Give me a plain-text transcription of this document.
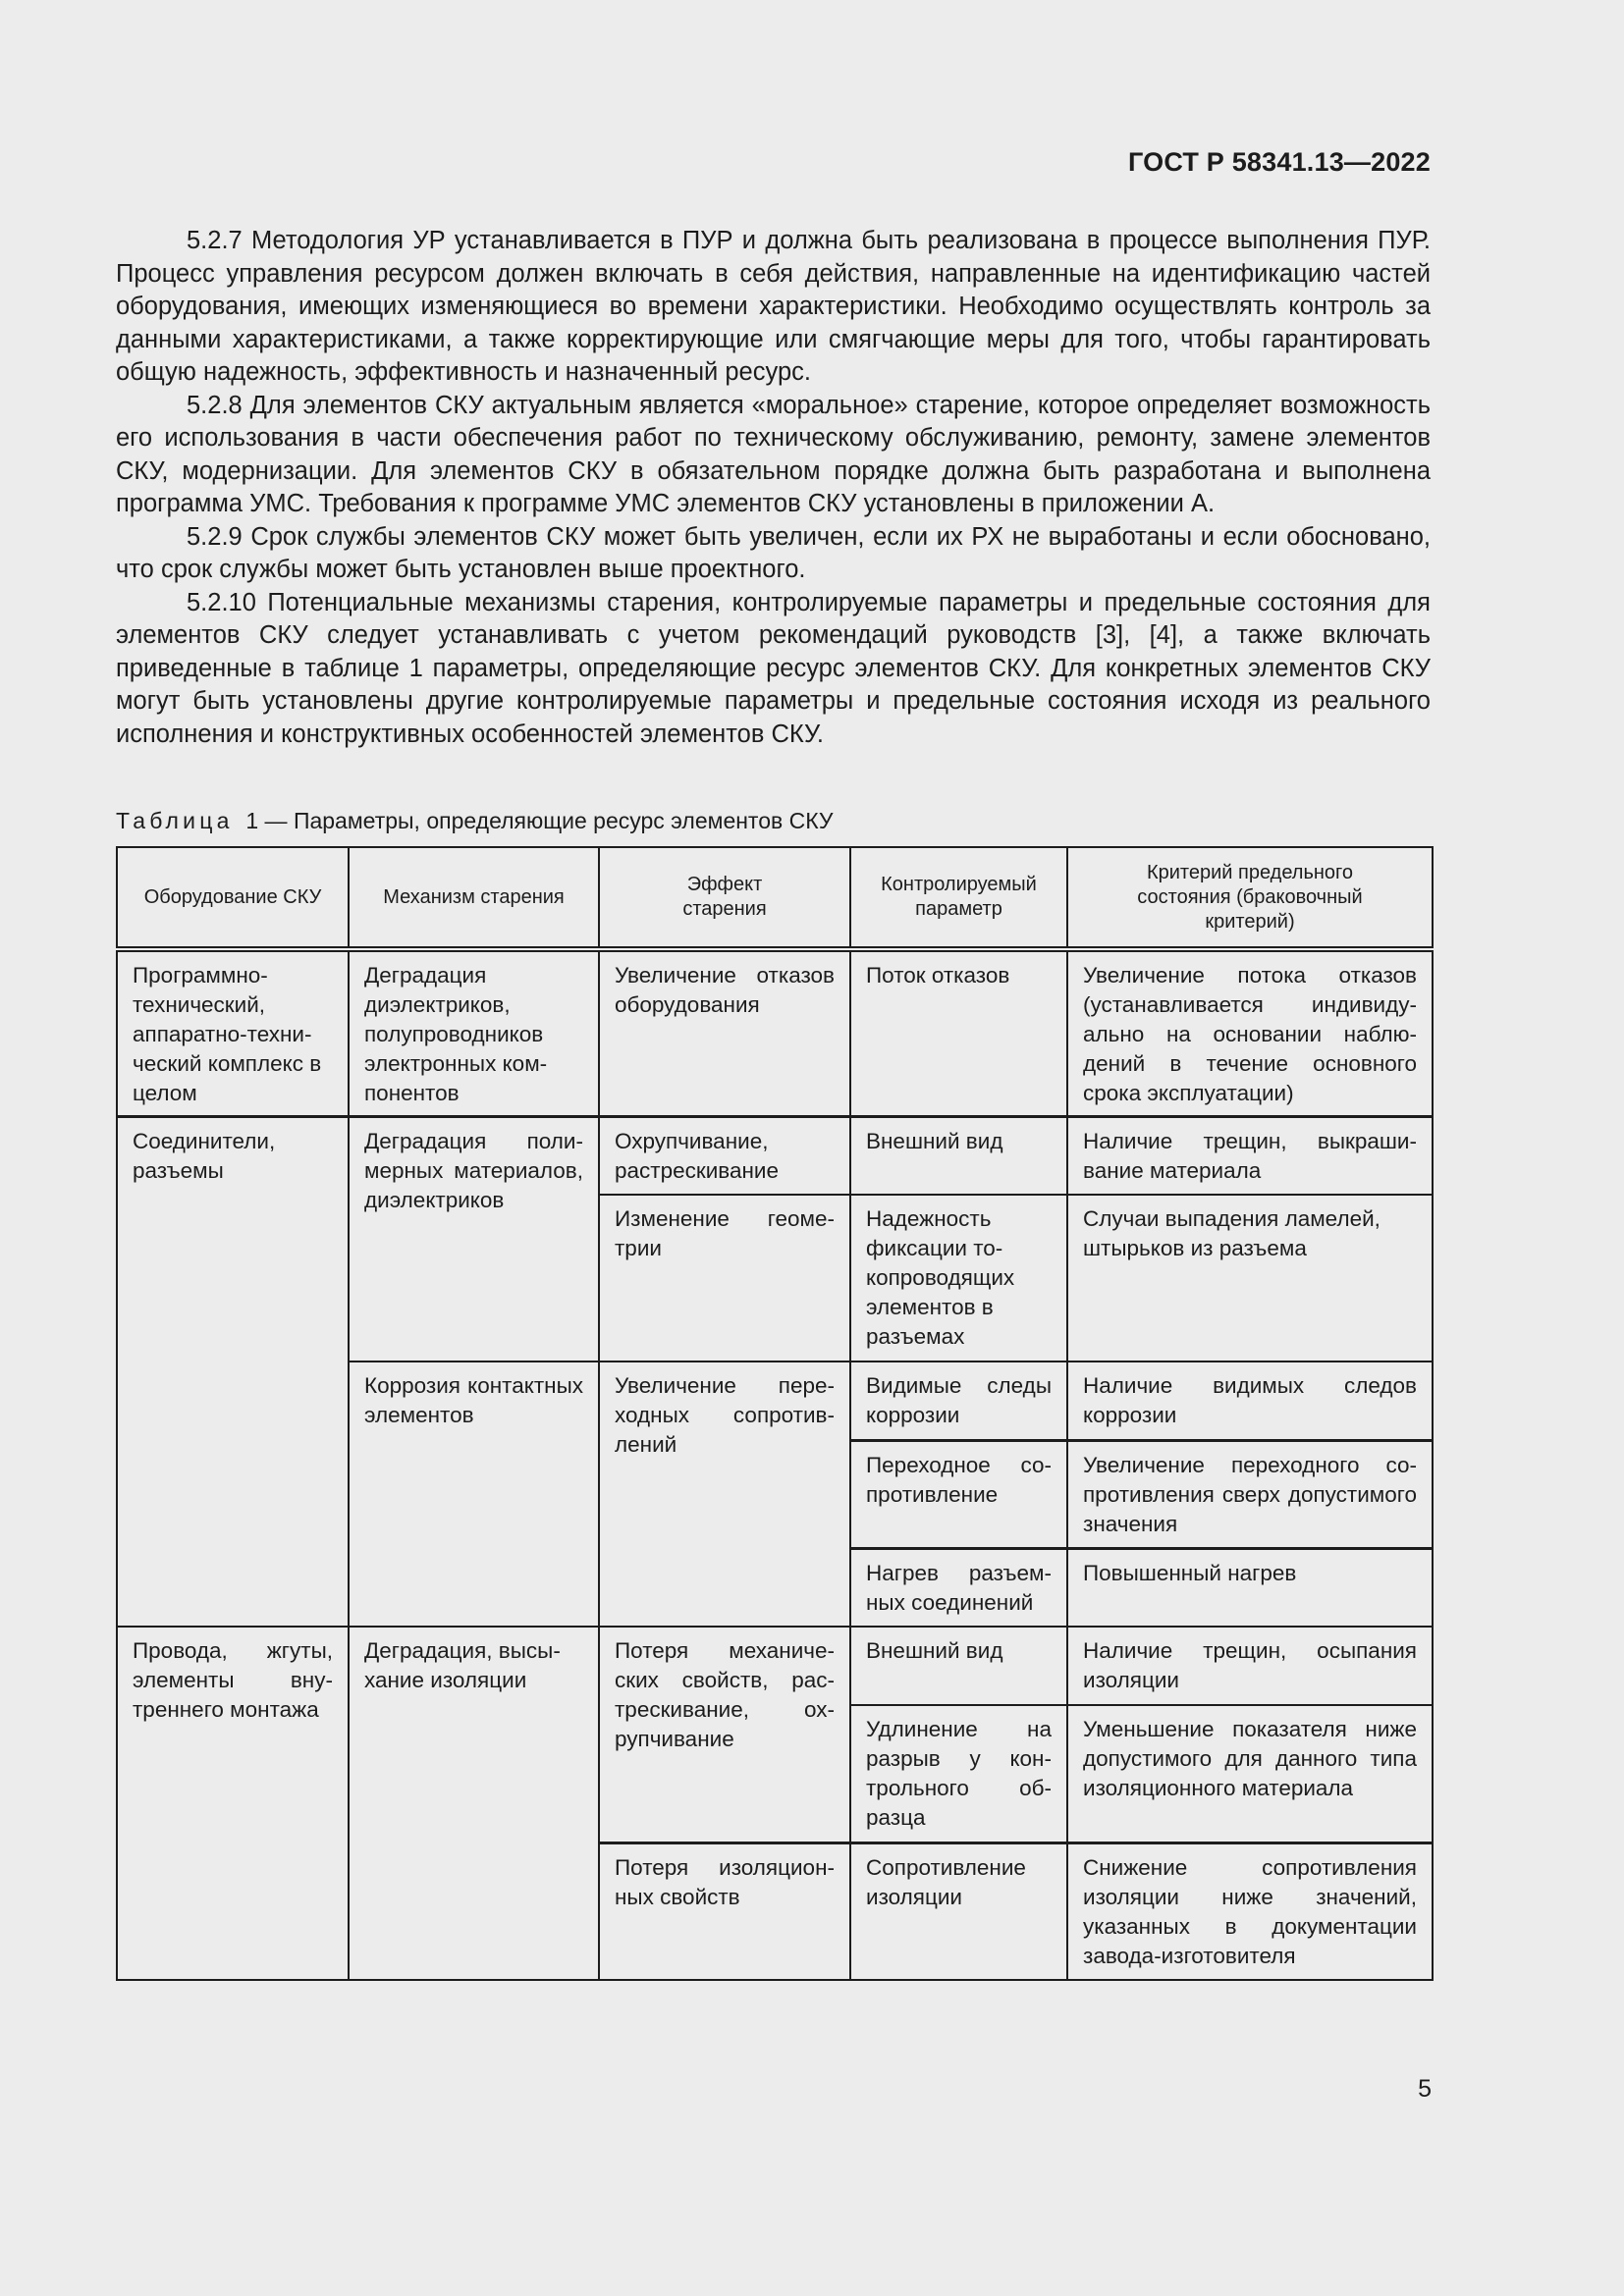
ГОСТ Р 58341.13—2022

5.2.7 Методология УР устанавливается в ПУР и должна быть реализована в процессе выполнения ПУР. Процесс управления ресурсом должен включать в себя действия, направленные на идентификацию частей оборудования, имеющих изменяющиеся во времени характеристики. Необходимо осуществлять контроль за данными характеристиками, а также корректирующие или смягчающие меры для того, чтобы гарантировать общую надежность, эффективность и назначенный ресурс.

5.2.8 Для элементов СКУ актуальным является «моральное» старение, которое определяет возможность его использования в части обеспечения работ по техническому обслуживанию, ремонту, замене элементов СКУ, модернизации. Для элементов СКУ в обязательном порядке должна быть разработана и выполнена программа УМС. Требования к программе УМС элементов СКУ установлены в приложении А.

5.2.9 Срок службы элементов СКУ может быть увеличен, если их РХ не выработаны и если обосновано, что срок службы может быть установлен выше проектного.

5.2.10 Потенциальные механизмы старения, контролируемые параметры и предельные состояния для элементов СКУ следует устанавливать с учетом рекомендаций руководств [3], [4], а также включать приведенные в таблице 1 параметры, определяющие ресурс элементов СКУ. Для конкретных элементов СКУ могут быть установлены другие контролируемые параметры и предельные состояния исходя из реального исполнения и конструктивных особенностей элементов СКУ.

Таблица 1 — Параметры, определяющие ресурс элементов СКУ
Оборудование СКУ	Механизм старения	Эффект старения	Контролируемый параметр	Критерий предельного состояния (браковочный критерий)
Программно-технический, аппаратно-технический комплекс в целом	Деградация диэлектриков, полупроводников электронных компонентов	Увеличение отказов оборудования	Поток отказов	Увеличение потока отказов (устанавливается индивидуально на основании наблюдений в течение основного срока эксплуатации)
Соединители, разъемы	Деградация полимерных материалов, диэлектриков	Охрупчивание, растрескивание	Внешний вид	Наличие трещин, выкрашивание материала
		Изменение геометрии	Надежность фиксации токопроводящих элементов в разъемах	Случаи выпадения ламелей, штырьков из разъема
	Коррозия контактных элементов	Увеличение переходных сопротивлений	Видимые следы коррозии	Наличие видимых следов коррозии
			Переходное сопротивление	Увеличение переходного сопротивления сверх допустимого значения
			Нагрев разъемных соединений	Повышенный нагрев
Провода, жгуты, элементы внутреннего монтажа	Деградация, высыхание изоляции	Потеря механических свойств, растрескивание, охрупчивание	Внешний вид	Наличие трещин, осыпания изоляции
			Удлинение на разрыв у контрольного образца	Уменьшение показателя ниже допустимого для данного типа изоляционного материала
		Потеря изоляционных свойств	Сопротивление изоляции	Снижение сопротивления изоляции ниже значений, указанных в документации завода-изготовителя
5
